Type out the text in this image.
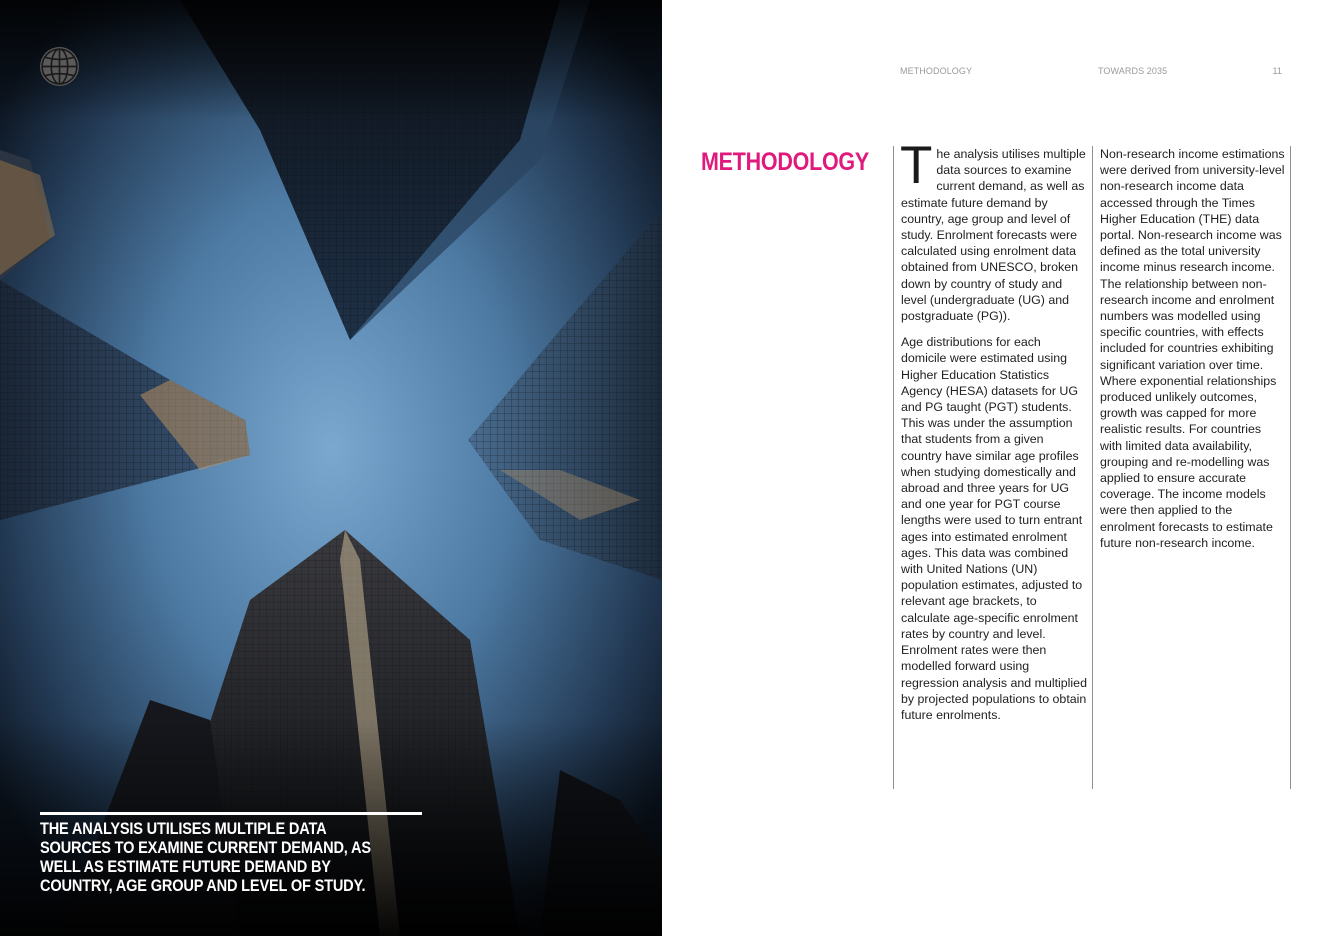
THE ANALYSIS UTILISES MULTIPLE DATA SOURCES TO EXAMINE CURRENT DEMAND, AS WELL AS ESTIMATE FUTURE DEMAND BY COUNTRY, AGE GROUP AND LEVEL OF STUDY.
METHODOLOGY	TOWARDS 2035	11
METHODOLOGY The analysis utilises multiple data sources to examine current demand, as well as estimate future demand by country, age group and level of study. Enrolment forecasts were calculated using enrolment data obtained from UNESCO, broken down by country of study and level (undergraduate (UG) and postgraduate (PG)).

Age distributions for each domicile were estimated using Higher Education Statistics Agency (HESA) datasets for UG and PG taught (PGT) students. This was under the assumption that students from a given country have similar age profiles when studying domestically and abroad and three years for UG and one year for PGT course lengths were used to turn entrant ages into estimated enrolment ages. This data was combined with United Nations (UN) population estimates, adjusted to relevant age brackets, to calculate age-specific enrolment rates by country and level. Enrolment rates were then modelled forward using regression analysis and multiplied by projected populations to obtain future enrolments.

Non-research income estimations were derived from university-level non-research income data accessed through the Times Higher Education (THE) data portal. Non-research income was defined as the total university income minus research income. The relationship between non-research income and enrolment numbers was modelled using specific countries, with effects included for countries exhibiting significant variation over time. Where exponential relationships produced unlikely outcomes, growth was capped for more realistic results. For countries with limited data availability, grouping and re-modelling was applied to ensure accurate coverage. The income models were then applied to the enrolment forecasts to estimate future non-research income.
